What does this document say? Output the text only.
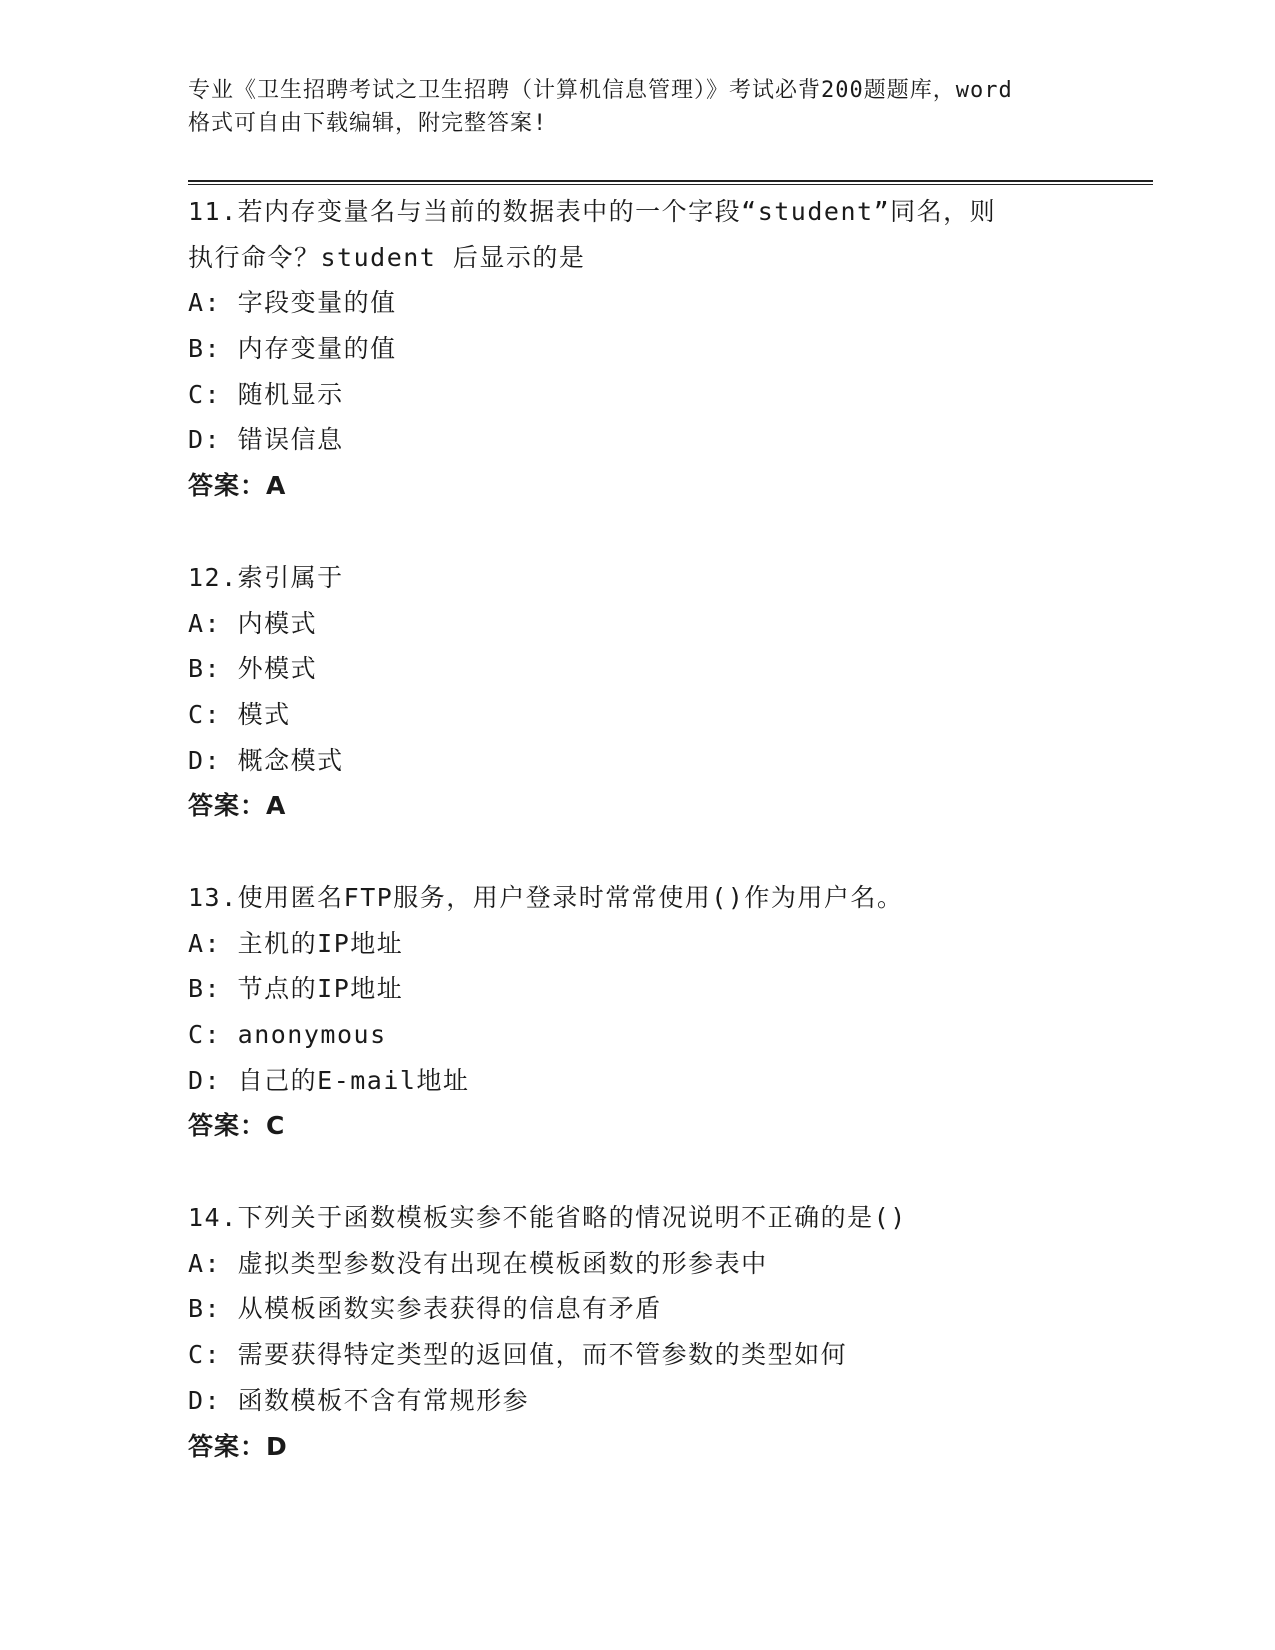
专业《卫生招聘考试之卫生招聘（计算机信息管理）》考试必背200题题库，word
格式可自由下载编辑，附完整答案!
11.若内存变量名与当前的数据表中的一个字段“student”同名，则
执行命令？student 后显示的是
A: 字段变量的值
B: 内存变量的值
C: 随机显示
D: 错误信息
答案：A
12.索引属于
A: 内模式
B: 外模式
C: 模式
D: 概念模式
答案：A
13.使用匿名FTP服务，用户登录时常常使用()作为用户名。
A: 主机的IP地址
B: 节点的IP地址
C: anonymous
D: 自己的E-mail地址
答案：C
14.下列关于函数模板实参不能省略的情况说明不正确的是()
A: 虚拟类型参数没有出现在模板函数的形参表中
B: 从模板函数实参表获得的信息有矛盾
C: 需要获得特定类型的返回值，而不管参数的类型如何
D: 函数模板不含有常规形参
答案：D
